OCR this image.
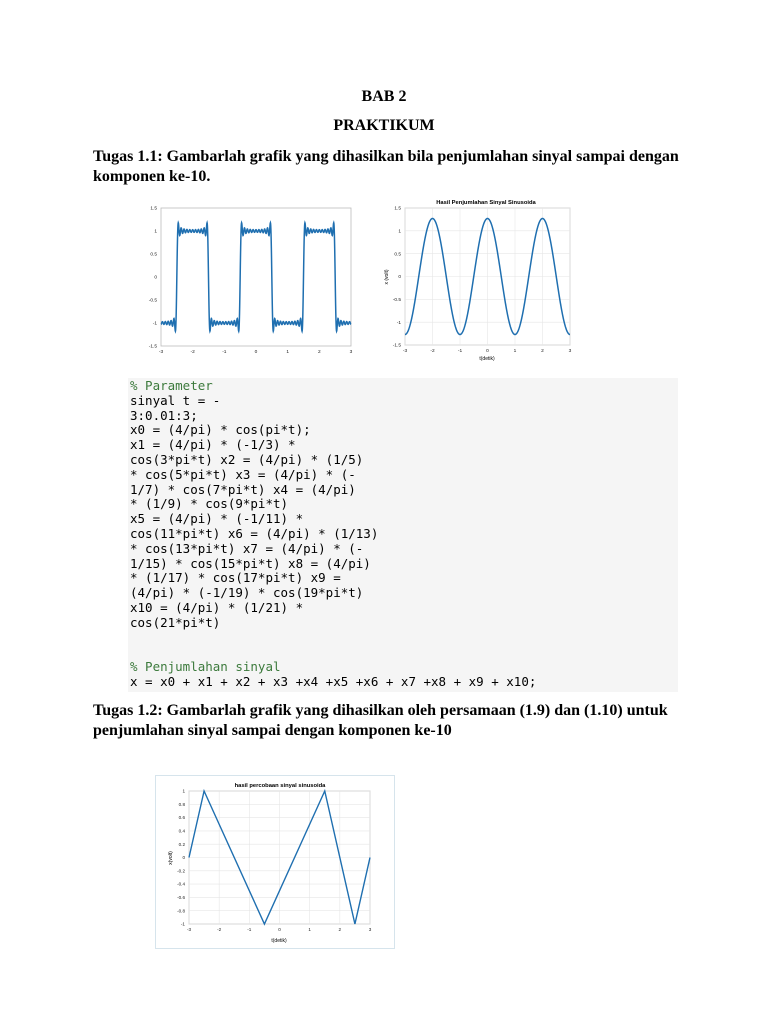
BAB 2
PRAKTIKUM
Tugas 1.1: Gambarlah grafik yang dihasilkan bila penjumlahan sinyal sampai dengan komponen ke-10.
1.5
1
0.5
0
-0.5
-1
-1.5
-3	-2	-1	0	1	2	3
Hasil Penjumlahan Sinyal Sinusoida
x (volt)
t(detik)
1.5
1
0.5
0
-0.5
-1
-1.5
-3	-2	-1	0	1	2	3
% Parameter
sinyal t = -
3:0.01:3;
x0 = (4/pi) * cos(pi*t);
x1 = (4/pi) * (-1/3) *
cos(3*pi*t) x2 = (4/pi) * (1/5)
* cos(5*pi*t) x3 = (4/pi) * (-
1/7) * cos(7*pi*t) x4 = (4/pi)
* (1/9) * cos(9*pi*t)
x5 = (4/pi) * (-1/11) *
cos(11*pi*t) x6 = (4/pi) * (1/13)
* cos(13*pi*t) x7 = (4/pi) * (-
1/15) * cos(15*pi*t) x8 = (4/pi)
* (1/17) * cos(17*pi*t) x9 =
(4/pi) * (-1/19) * cos(19*pi*t)
x10 = (4/pi) * (1/21) *
cos(21*pi*t)

% Penjumlahan sinyal
x = x0 + x1 + x2 + x3 +x4 +x5 +x6 + x7 +x8 + x9 + x10;
Tugas 1.2: Gambarlah grafik yang dihasilkan oleh persamaan (1.9) dan (1.10) untuk penjumlahan sinyal sampai dengan komponen ke-10
hasil percobaan sinyal sinusoida
x(volt)
t(detik)
1
0.8
0.6
0.4
0.2
0
-0.2
-0.4
-0.6
-0.8
-1
-3	-2	-1	0	1	2	3
